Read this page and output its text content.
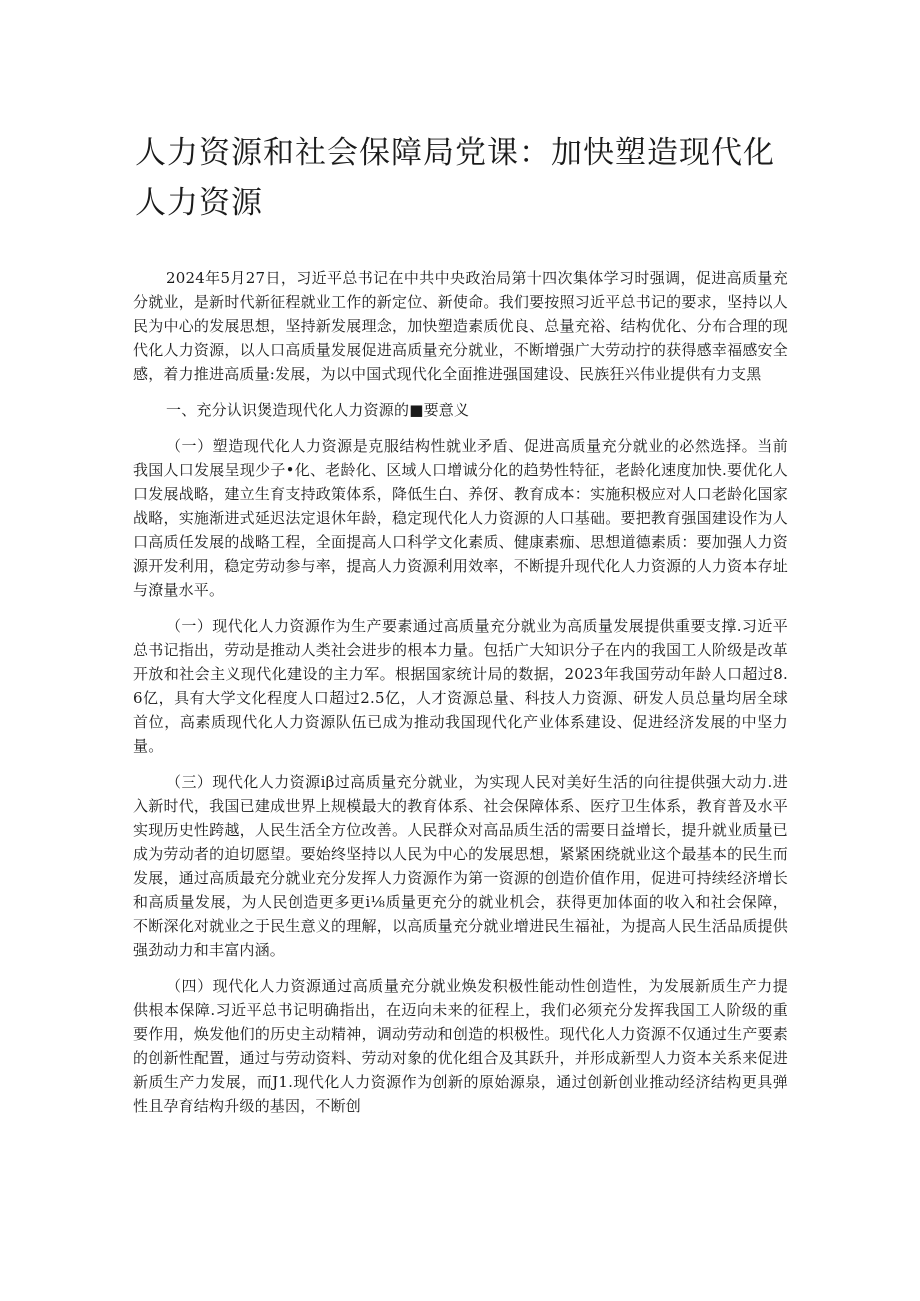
人力资源和社会保障局党课：加快塑造现代化人力资源

2024年5月27日，习近平总书记在中共中央政治局第十四次集体学习时强调，促进高质量充分就业，是新时代新征程就业工作的新定位、新使命。我们要按照习近平总书记的要求，坚持以人民为中心的发展思想，坚持新发展理念，加快塑造素质优良、总量充裕、结构优化、分布合理的现代化人力资源，以人口高质量发展促进高质量充分就业，不断增强广大劳动拧的获得感幸福感安全感，着力推进高质量:发展，为以中国式现代化全面推进强国建设、民族狂兴伟业提供有力支黑

一、充分认识煲造现代化人力资源的■要意义

（一）塑造现代化人力资源是克服结构性就业矛盾、促进高质量充分就业的必然选择。当前我国人口发展呈现少子•化、老龄化、区域人口增诚分化的趋势性特征，老龄化速度加快.要优化人口发展战略，建立生育支持政策体系，降低生白、养伢、教育成本：实施积极应对人口老龄化国家战略，实施渐进式延迟法定退休年龄，稳定现代化人力资源的人口基础。要把教育强国建设作为人口高质任发展的战略工程，全面提高人口科学文化素质、健康素痂、思想道德素质：要加强人力资源开发利用，稳定劳动参与率，提高人力资源利用效率，不断提升现代化人力资源的人力资本存址与潦量水平。

（一）现代化人力资源作为生产要素通过高质量充分就业为高质量发展提供重要支撑.习近平总书记指出，劳动是推动人类社会进步的根本力量。包括广大知识分子在内的我国工人阶级是改革开放和社会主义现代化建设的主力军。根据国家统计局的数据，2023年我国劳动年龄人口超过8.6亿，具有大学文化程度人口超过2.5亿，人才资源总量、科技人力资源、研发人员总量均居全球首位，高素质现代化人力资源队伍已成为推动我国现代化产业体系建设、促进经济发展的中坚力量。

（三）现代化人力资源iβ过高质量充分就业，为实现人民对美好生活的向往提供强大动力.进入新时代，我国已建成世界上规模最大的教育体系、社会保障体系、医疗卫生体系，教育普及水平实现历史性跨越，人民生活全方位改善。人民群众对高品质生活的需要日益增长，提升就业质量已成为劳动者的迫切愿望。要始终坚持以人民为中心的发展思想，紧紧困绕就业这个最基本的民生而发展，通过高质最充分就业充分发挥人力资源作为第一资源的创造价值作用，促进可持续经济增长和高质量发展，为人民创造更多更i⅛质量更充分的就业机会，获得更加体面的收入和社会保障，不断深化对就业之于民生意义的理解，以高质量充分就业增进民生福祉，为提高人民生活品质提供强劲动力和丰富内涵。

（四）现代化人力资源通过高质量充分就业焕发积极性能动性创造性，为发展新质生产力提供根本保障.习近平总书记明确指出，在迈向未来的征程上，我们必须充分发挥我国工人阶级的重要作用，焕发他们的历史主动精神，调动劳动和创造的枳极性。现代化人力资源不仅通过生产要素的创新性配置，通过与劳动资料、劳动对象的优化组合及其跃升，并形成新型人力资本关系来促进新质生产力发展，而J1.现代化人力资源作为创新的原始源泉，通过创新创业推动经济结构更具弹性且孕育结构升级的基因，不断创
